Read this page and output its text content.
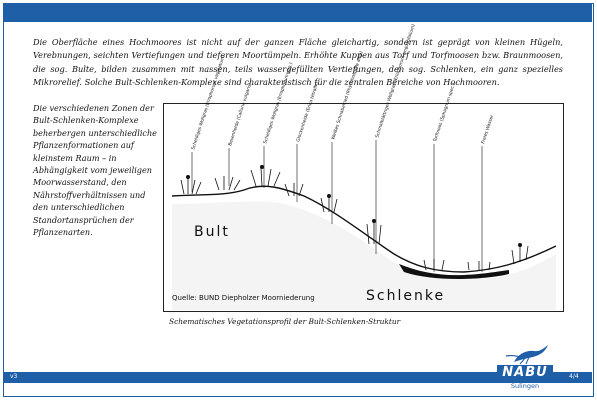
Die Oberfläche eines Hochmoores ist nicht auf der ganzen Fläche gleichartig, sondern ist geprägt von kleinen Hügeln, Verebnungen, seichten Vertiefungen und tieferen Moortümpeln. Erhöhte Kuppen aus Torf und Torfmoosen bzw. Braunmoosen, die sog. Bulte, bilden zusammen mit nassen, teils wassergefüllten Vertiefungen, den sog. Schlenken, ein ganz spezielles Mikrorelief. Solche Bult-Schlenken-Komplexe sind charakteristisch für die zentralen Bereiche von Hochmooren.
Die verschiedenen Zonen der Bult-Schlenken-Komplexe beherbergen unterschiedliche Pflanzenformationen auf kleinstem Raum – in Abhängigkeit vom jeweiligen Moorwasserstand, den Nährstoffverhältnissen und den unterschiedlichen Standortansprüchen der Pflanzenarten.
Scheidiges Wollgras (Eriophorum vaginatum) Besenheide (Calluna vulgaris) Scheidiges Wollgras (Eriophorum vag.) Glockenheide (Erica tetralix) Weißes Schnabelried (Rhynchospora alba) Schmalblättriges Wollgras (Eriophorum angustifolium)	Torfmoos (Sphagnum spec.)	Freies Wasser
Bult
Schlenke
Quelle: BUND Diepholzer Moorniederung
Schematisches Vegetationsprofil der Bult-Schlenken-Struktur
v3	4/4
NABU
Sulingen
